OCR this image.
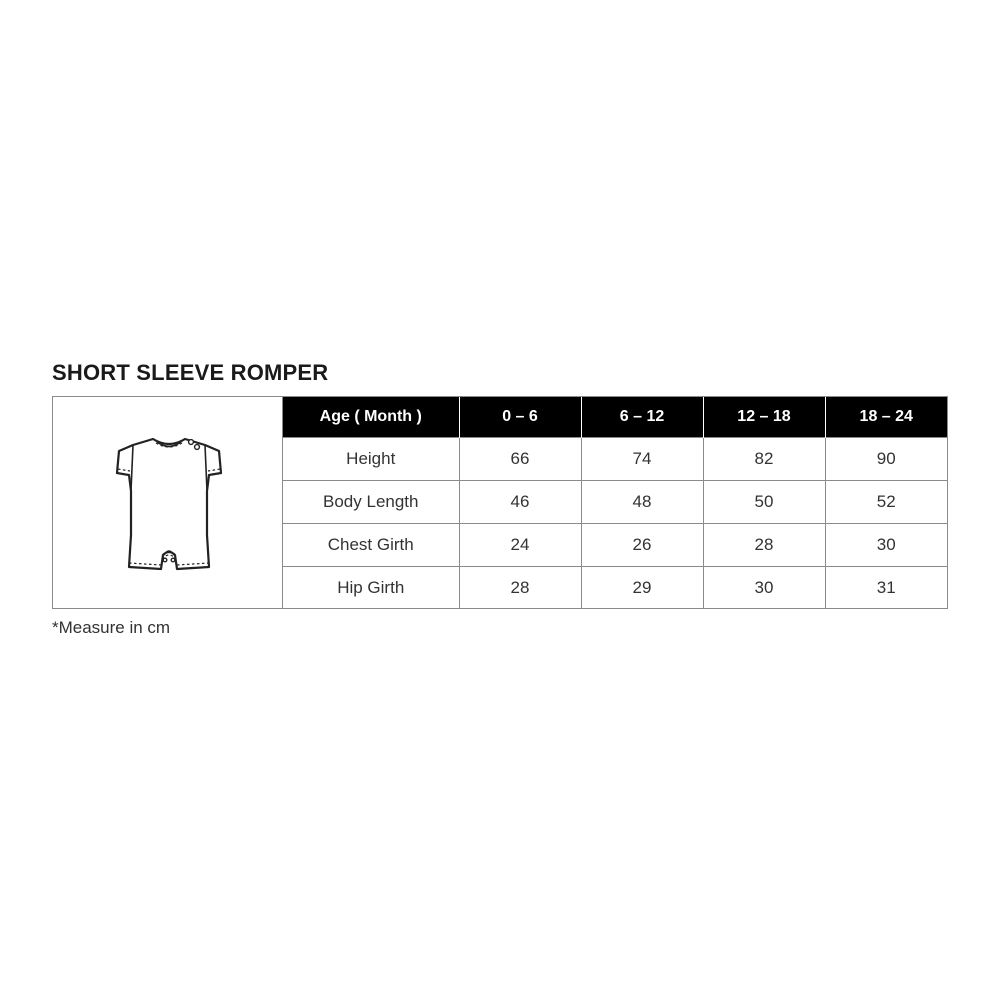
SHORT SLEEVE ROMPER
Age ( Month )	0 – 6	6 – 12	12 – 18	18 – 24
Height	66	74	82	90
Body Length	46	48	50	52
Chest Girth	24	26	28	30
Hip Girth	28	29	30	31

*Measure in cm
